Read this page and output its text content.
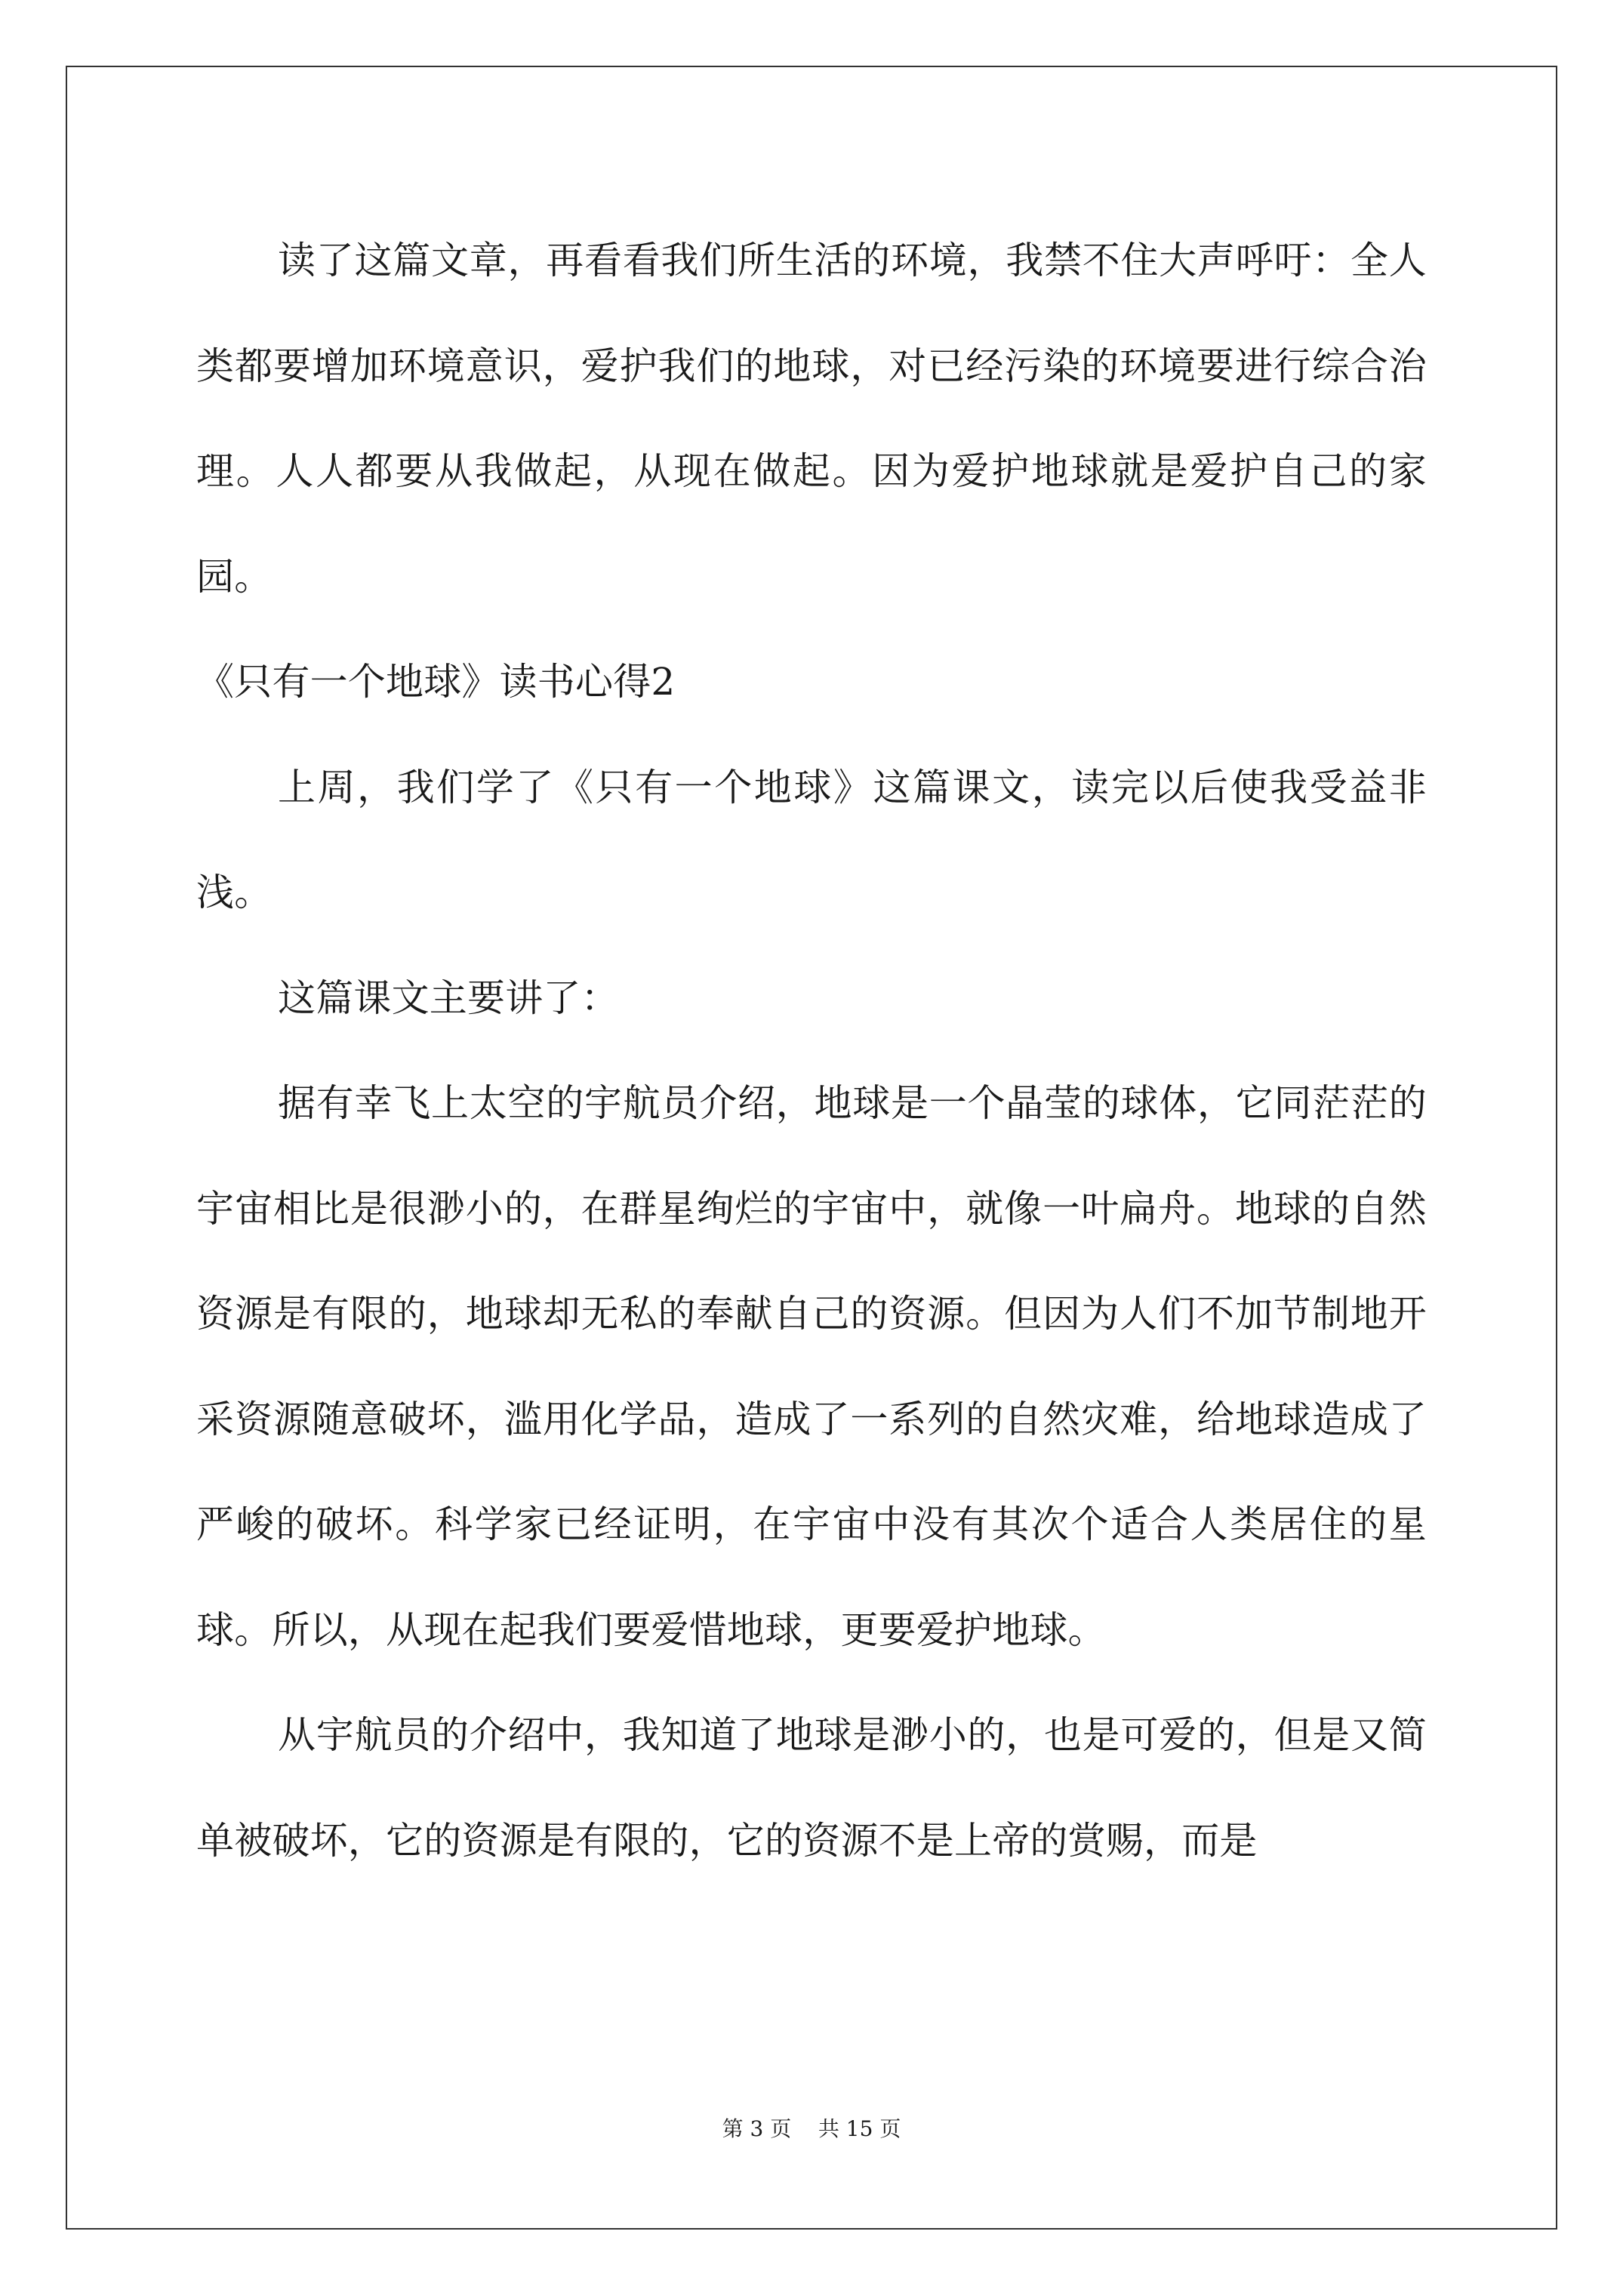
读了这篇文章，再看看我们所生活的环境，我禁不住大声呼吁：全人类都要增加环境意识，爱护我们的地球，对已经污染的环境要进行综合治理。人人都要从我做起，从现在做起。因为爱护地球就是爱护自己的家园。

《只有一个地球》读书心得2

上周，我们学了《只有一个地球》这篇课文，读完以后使我受益非浅。

这篇课文主要讲了：

据有幸飞上太空的宇航员介绍，地球是一个晶莹的球体，它同茫茫的宇宙相比是很渺小的，在群星绚烂的宇宙中，就像一叶扁舟。地球的自然资源是有限的，地球却无私的奉献自己的资源。但因为人们不加节制地开采资源随意破坏，滥用化学品，造成了一系列的自然灾难，给地球造成了严峻的破坏。科学家已经证明，在宇宙中没有其次个适合人类居住的星球。所以，从现在起我们要爱惜地球，更要爱护地球。

从宇航员的介绍中，我知道了地球是渺小的，也是可爱的，但是又简单被破坏，它的资源是有限的，它的资源不是上帝的赏赐，而是

第 3 页 共 15 页
